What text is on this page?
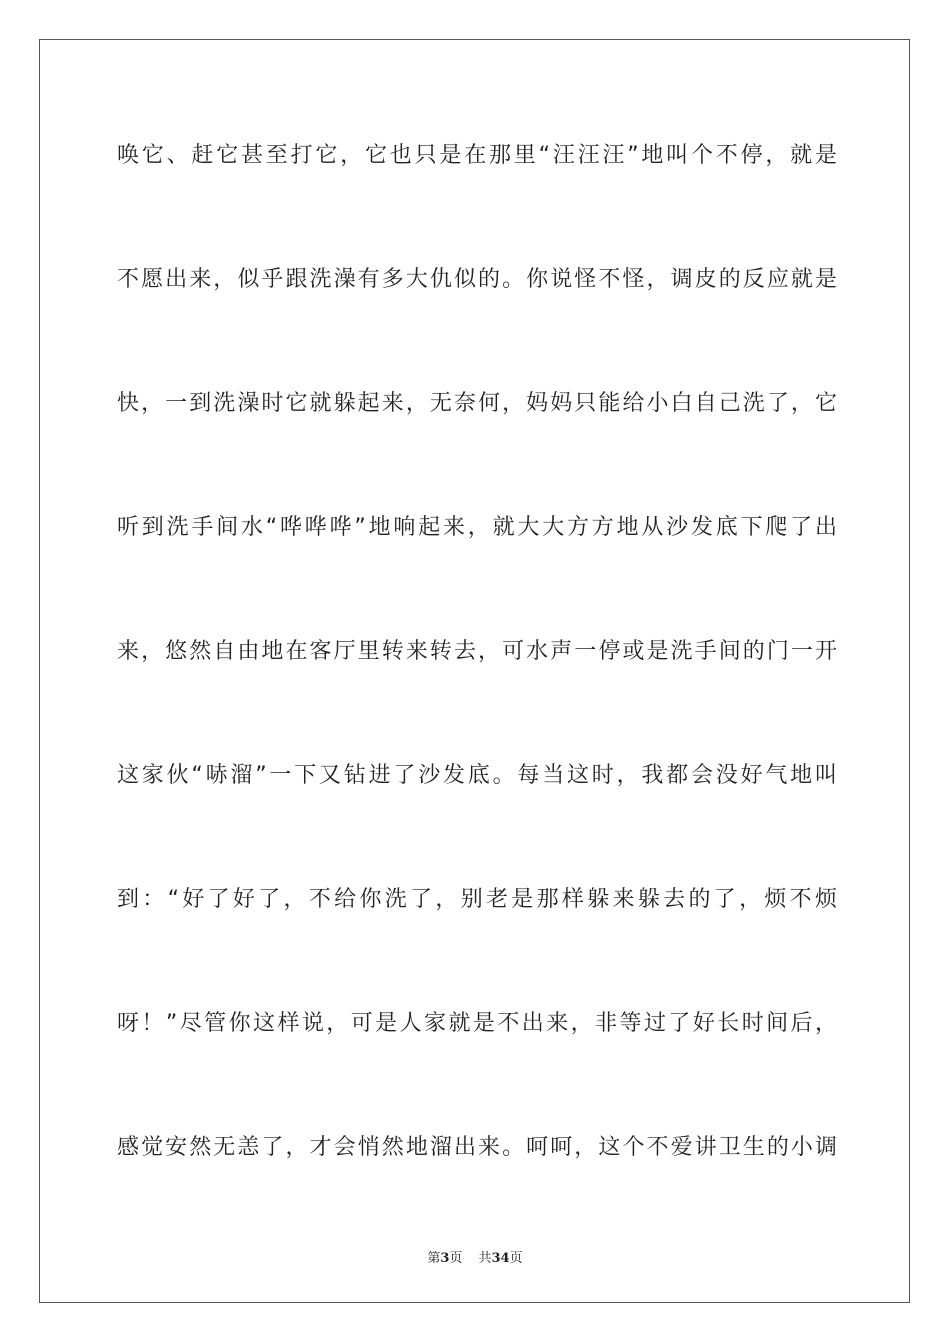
唤它、赶它甚至打它，它也只是在那里“汪汪汪”地叫个不停，就是
不愿出来，似乎跟洗澡有多大仇似的。你说怪不怪，调皮的反应就是
快，一到洗澡时它就躲起来，无奈何，妈妈只能给小白自己洗了，它
听到洗手间水“哗哗哗”地响起来，就大大方方地从沙发底下爬了出
来，悠然自由地在客厅里转来转去，可水声一停或是洗手间的门一开
这家伙“哧溜”一下又钻进了沙发底。每当这时，我都会没好气地叫
到：“好了好了，不给你洗了，别老是那样躲来躲去的了，烦不烦
呀！”尽管你这样说，可是人家就是不出来，非等过了好长时间后，
感觉安然无恙了，才会悄然地溜出来。呵呵，这个不爱讲卫生的小调
第3页 共34页
